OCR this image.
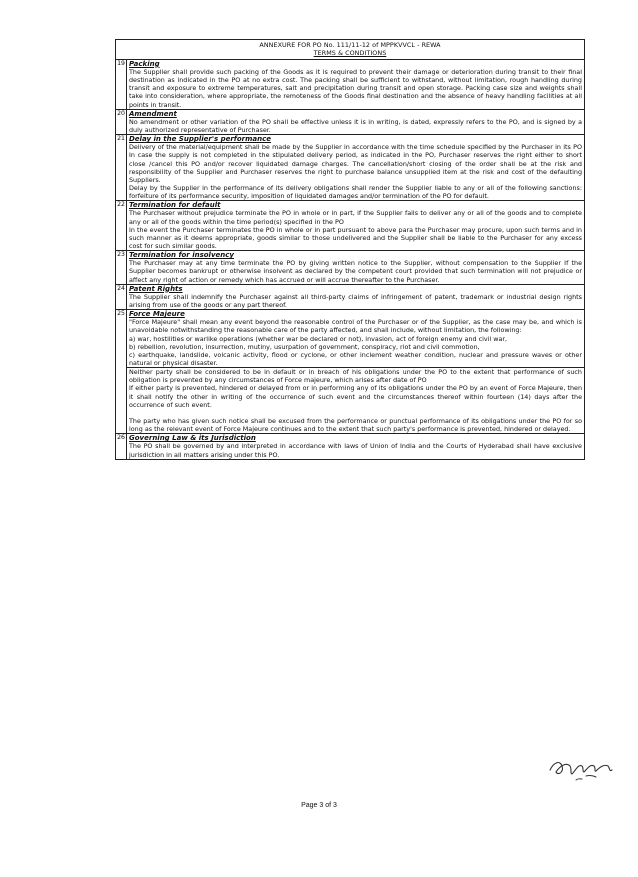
ANNEXURE FOR PO No. 111/11-12 of MPPKVVCL - REWA
TERMS & CONDITIONS
19 Packing
The Supplier shall provide such packing of the Goods as it is required to prevent their damage or deterioration during transit to their final destination as indicated in the PO at no extra cost. The packing shall be sufficient to withstand, without limitation, rough handling during transit and exposure to extreme temperatures, salt and precipitation during transit and open storage. Packing case size and weights shall take into consideration, where appropriate, the remoteness of the Goods final destination and the absence of heavy handling facilities at all points in transit.
20 Amendment
No amendment or other variation of the PO shall be effective unless it is in writing, is dated, expressly refers to the PO, and is signed by a duly authorized representative of Purchaser.
21 Delay in the Supplier's performance
Delivery of the material/equipment shall be made by the Supplier in accordance with the time schedule specified by the Purchaser in its PO In case the supply is not completed in the stipulated delivery period, as indicated in the PO, Purchaser reserves the right either to short close /cancel this PO and/or recover liquidated damage charges. The cancellation/short closing of the order shall be at the risk and responsibility of the Supplier and Purchaser reserves the right to purchase balance unsupplied item at the risk and cost of the defaulting Suppliers.
Delay by the Supplier in the performance of its delivery obligations shall render the Supplier liable to any or all of the following sanctions: forfeiture of its performance security, imposition of liquidated damages and/or termination of the PO for default.
22 Termination for default
The Purchaser without prejudice terminate the PO in whole or in part, if the Supplier fails to deliver any or all of the goods and to complete any or all of the goods within the time period(s) specified in the PO
In the event the Purchaser terminates the PO in whole or in part pursuant to above para the Purchaser may procure, upon such terms and in such manner as it deems appropriate, goods similar to those undelivered and the Supplier shall be liable to the Purchaser for any excess cost for such similar goods.
23 Termination for insolvency
The Purchaser may at any time terminate the PO by giving written notice to the Supplier, without compensation to the Supplier If the Supplier becomes bankrupt or otherwise insolvent as declared by the competent court provided that such termination will not prejudice or affect any right of action or remedy which has accrued or will accrue thereafter to the Purchaser.
24 Patent Rights
The Supplier shall indemnify the Purchaser against all third-party claims of infringement of patent, trademark or industrial design rights arising from use of the goods or any part thereof.
25 Force Majeure
"Force Majeure" shall mean any event beyond the reasonable control of the Purchaser or of the Supplier, as the case may be, and which is unavoidable notwithstanding the reasonable care of the party affected, and shall include, without limitation, the following:
a) war, hostilities or warlike operations (whether war be declared or not), invasion, act of foreign enemy and civil war,
b) rebellion, revolution, insurrection, mutiny, usurpation of government, conspiracy, riot and civil commotion,
c) earthquake, landslide, volcanic activity, flood or cyclone, or other inclement weather condition, nuclear and pressure waves or other natural or physical disaster.
Neither party shall be considered to be in default or in breach of his obligations under the PO to the extent that performance of such obligation is prevented by any circumstances of Force majeure, which arises after date of PO
If either party is prevented, hindered or delayed from or in performing any of its obligations under the PO by an event of Force Majeure, then it shall notify the other in writing of the occurrence of such event and the circumstances thereof within fourteen (14) days after the occurrence of such event.
The party who has given such notice shall be excused from the performance or punctual performance of its obligations under the PO for so long as the relevant event of Force Majeure continues and to the extent that such party's performance is prevented, hindered or delayed.
26 Governing Law & its Jurisdiction
The PO shall be governed by and interpreted in accordance with laws of Union of India and the Courts of Hyderabad shall have exclusive jurisdiction in all matters arising under this PO.
Page 3 of 3
